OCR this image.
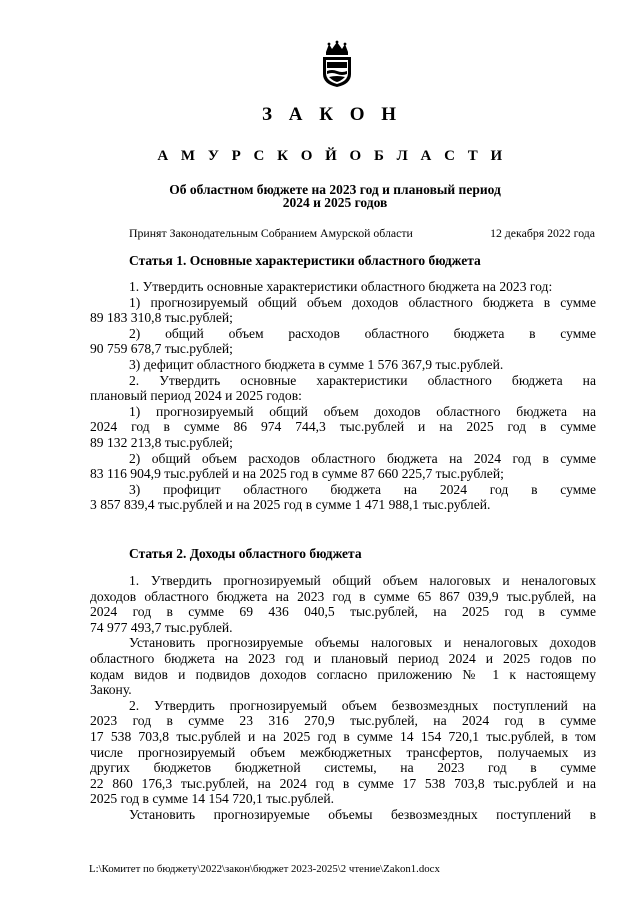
З А К О Н
А М У Р С К О Й О Б Л А С Т И
Об областном бюджете на 2023 год и плановый период
2024 и 2025 годов
Принят Законодательным Собранием Амурской области	12 декабря 2022 года
Статья 1. Основные характеристики областного бюджета
1. Утвердить основные характеристики областного бюджета на 2023 год:
1) прогнозируемый общий объем доходов областного бюджета в сумме
89 183 310,8 тыс.рублей;
2) общий объем расходов областного бюджета в сумме
90 759 678,7 тыс.рублей;
3) дефицит областного бюджета в сумме 1 576 367,9 тыс.рублей.
2. Утвердить основные характеристики областного бюджета на
плановый период 2024 и 2025 годов:
1) прогнозируемый общий объем доходов областного бюджета на
2024 год в сумме 86 974 744,3 тыс.рублей и на 2025 год в сумме
89 132 213,8 тыс.рублей;
2) общий объем расходов областного бюджета на 2024 год в сумме
83 116 904,9 тыс.рублей и на 2025 год в сумме 87 660 225,7 тыс.рублей;
3) профицит областного бюджета на 2024 год в сумме
3 857 839,4 тыс.рублей и на 2025 год в сумме 1 471 988,1 тыс.рублей.
Статья 2. Доходы областного бюджета
1. Утвердить прогнозируемый общий объем налоговых и неналоговых
доходов областного бюджета на 2023 год в сумме 65 867 039,9 тыс.рублей, на
2024 год в сумме 69 436 040,5 тыс.рублей, на 2025 год в сумме
74 977 493,7 тыс.рублей.
Установить прогнозируемые объемы налоговых и неналоговых доходов
областного бюджета на 2023 год и плановый период 2024 и 2025 годов по
кодам видов и подвидов доходов согласно приложению № 1 к настоящему
Закону.
2. Утвердить прогнозируемый объем безвозмездных поступлений на
2023 год в сумме 23 316 270,9 тыс.рублей, на 2024 год в сумме
17 538 703,8 тыс.рублей и на 2025 год в сумме 14 154 720,1 тыс.рублей, в том
числе прогнозируемый объем межбюджетных трансфертов, получаемых из
других бюджетов бюджетной системы, на 2023 год в сумме
22 860 176,3 тыс.рублей, на 2024 год в сумме 17 538 703,8 тыс.рублей и на
2025 год в сумме 14 154 720,1 тыс.рублей.
Установить прогнозируемые объемы безвозмездных поступлений в
L:\Комитет по бюджету\2022\закон\бюджет 2023-2025\2 чтение\Zakon1.docx
